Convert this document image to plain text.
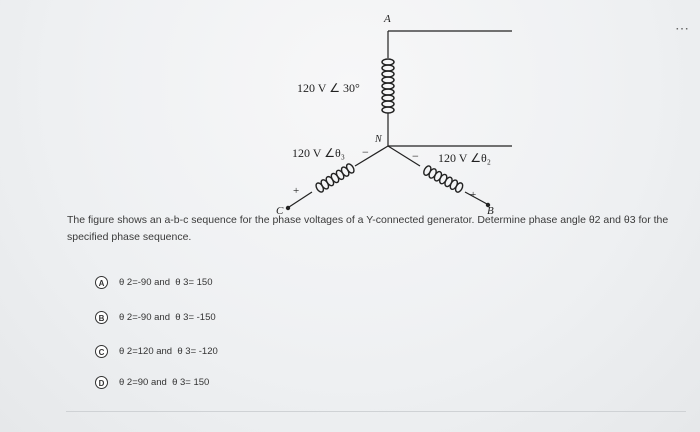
⋯
A
120 V ∠ 30°
N
−	−
+
C
120 V ∠θ₃
+
B
120 V ∠θ₂
The figure shows an a-b-c sequence for the phase voltages of a Y-connected generator. Determine phase angle θ2 and θ3 for the specified phase sequence.
A	θ 2=-90 and  θ 3= 150
B	θ 2=-90 and  θ 3= -150
C	θ 2=120 and  θ 3= -120
D	θ 2=90 and  θ 3= 150
